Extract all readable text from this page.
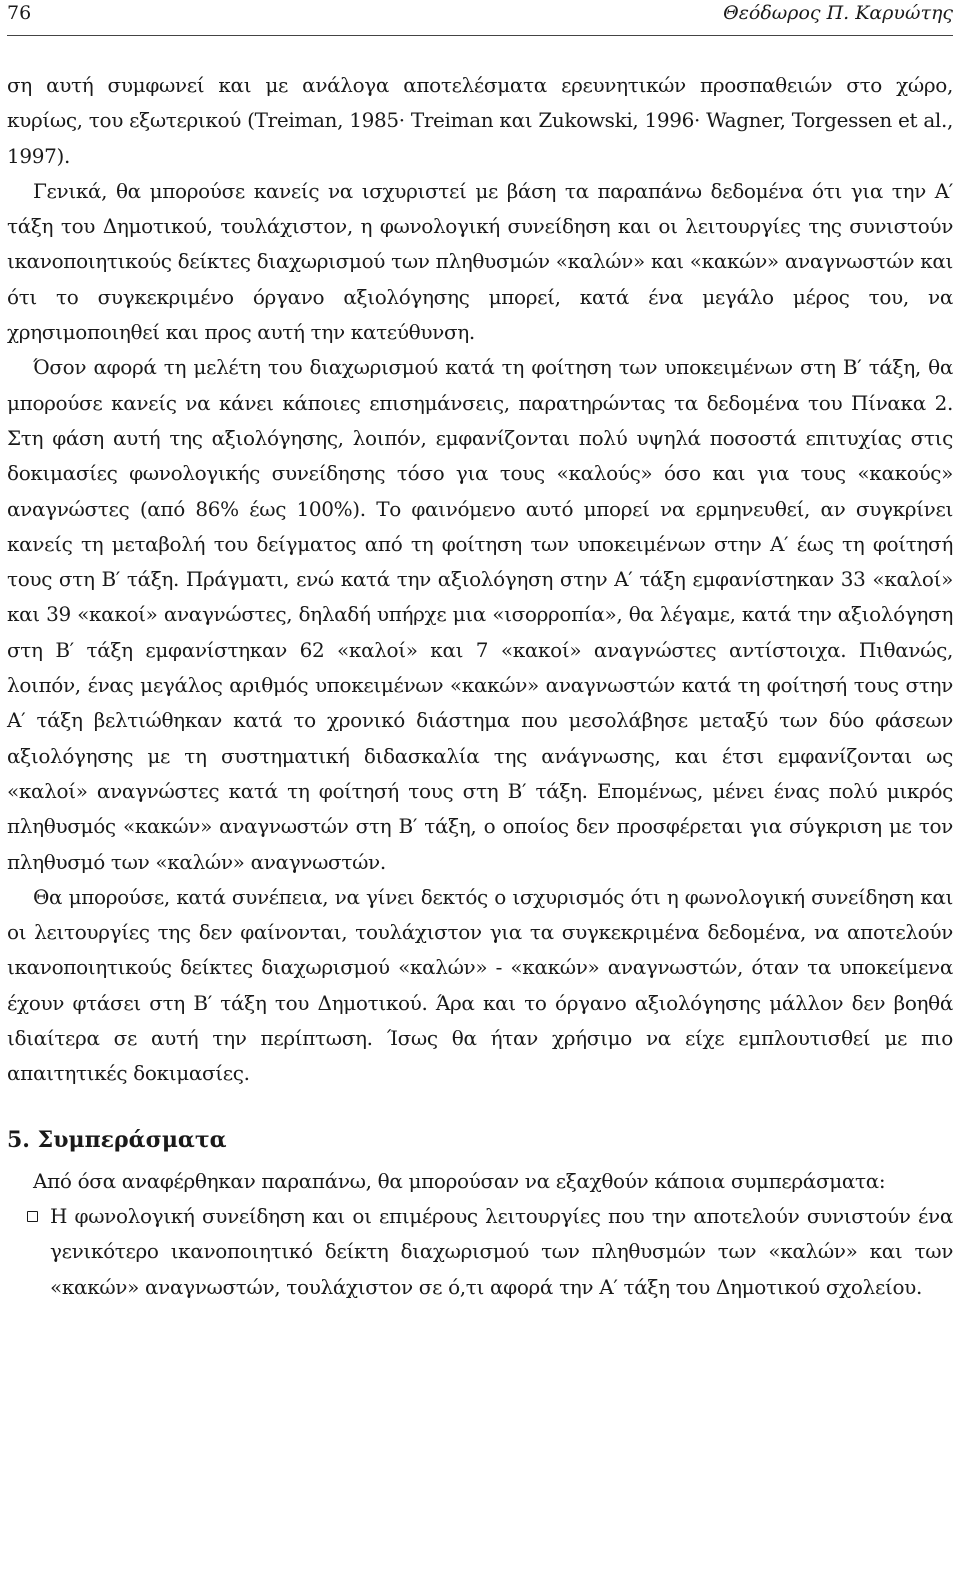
76	Θεόδωρος Π. Καρυώτης

ση αυτή συμφωνεί και με ανάλογα αποτελέσματα ερευνητικών προσπαθειών στο χώρο, κυρίως, του εξωτερικού (Treiman, 1985· Treiman και Zukowski, 1996· Wagner, Torgessen et al., 1997).

Γενικά, θα μπορούσε κανείς να ισχυριστεί με βάση τα παραπάνω δεδομένα ότι για την Α′ τάξη του Δημοτικού, τουλάχιστον, η φωνολογική συνείδηση και οι λειτουργίες της συνιστούν ικανοποιητικούς δείκτες διαχωρισμού των πληθυσμών «καλών» και «κακών» αναγνωστών και ότι το συγκεκριμένο όργανο αξιολόγησης μπορεί, κατά ένα μεγάλο μέρος του, να χρησιμοποιηθεί και προς αυτή την κατεύθυνση.

Όσον αφορά τη μελέτη του διαχωρισμού κατά τη φοίτηση των υποκειμένων στη Β′ τάξη, θα μπορούσε κανείς να κάνει κάποιες επισημάνσεις, παρατηρώντας τα δεδομένα του Πίνακα 2. Στη φάση αυτή της αξιολόγησης, λοιπόν, εμφανίζονται πολύ υψηλά ποσοστά επιτυχίας στις δοκιμασίες φωνολογικής συνείδησης τόσο για τους «καλούς» όσο και για τους «κακούς» αναγνώστες (από 86% έως 100%). Το φαινόμενο αυτό μπορεί να ερμηνευθεί, αν συγκρίνει κανείς τη μεταβολή του δείγματος από τη φοίτηση των υποκειμένων στην Α′ έως τη φοίτησή τους στη Β′ τάξη. Πράγματι, ενώ κατά την αξιολόγηση στην Α′ τάξη εμφανίστηκαν 33 «καλοί» και 39 «κακοί» αναγνώστες, δηλαδή υπήρχε μια «ισορροπία», θα λέγαμε, κατά την αξιολόγηση στη Β′ τάξη εμφανίστηκαν 62 «καλοί» και 7 «κακοί» αναγνώστες αντίστοιχα. Πιθανώς, λοιπόν, ένας μεγάλος αριθμός υποκειμένων «κακών» αναγνωστών κατά τη φοίτησή τους στην Α′ τάξη βελτιώθηκαν κατά το χρονικό διάστημα που μεσολάβησε μεταξύ των δύο φάσεων αξιολόγησης με τη συστηματική διδασκαλία της ανάγνωσης, και έτσι εμφανίζονται ως «καλοί» αναγνώστες κατά τη φοίτησή τους στη Β′ τάξη. Επομένως, μένει ένας πολύ μικρός πληθυσμός «κακών» αναγνωστών στη Β′ τάξη, ο οποίος δεν προσφέρεται για σύγκριση με τον πληθυσμό των «καλών» αναγνωστών.

Θα μπορούσε, κατά συνέπεια, να γίνει δεκτός ο ισχυρισμός ότι η φωνολογική συνείδηση και οι λειτουργίες της δεν φαίνονται, τουλάχιστον για τα συγκεκριμένα δεδομένα, να αποτελούν ικανοποιητικούς δείκτες διαχωρισμού «καλών» - «κακών» αναγνωστών, όταν τα υποκείμενα έχουν φτάσει στη Β′ τάξη του Δημοτικού. Άρα και το όργανο αξιολόγησης μάλλον δεν βοηθά ιδιαίτερα σε αυτή την περίπτωση. Ίσως θα ήταν χρήσιμο να είχε εμπλουτισθεί με πιο απαιτητικές δοκιμασίες.

5. Συμπεράσματα

Από όσα αναφέρθηκαν παραπάνω, θα μπορούσαν να εξαχθούν κάποια συμπεράσματα:

Η φωνολογική συνείδηση και οι επιμέρους λειτουργίες που την αποτελούν συνιστούν ένα γενικότερο ικανοποιητικό δείκτη διαχωρισμού των πληθυσμών των «καλών» και των «κακών» αναγνωστών, τουλάχιστον σε ό,τι αφορά την Α′ τάξη του Δημοτικού σχολείου.
